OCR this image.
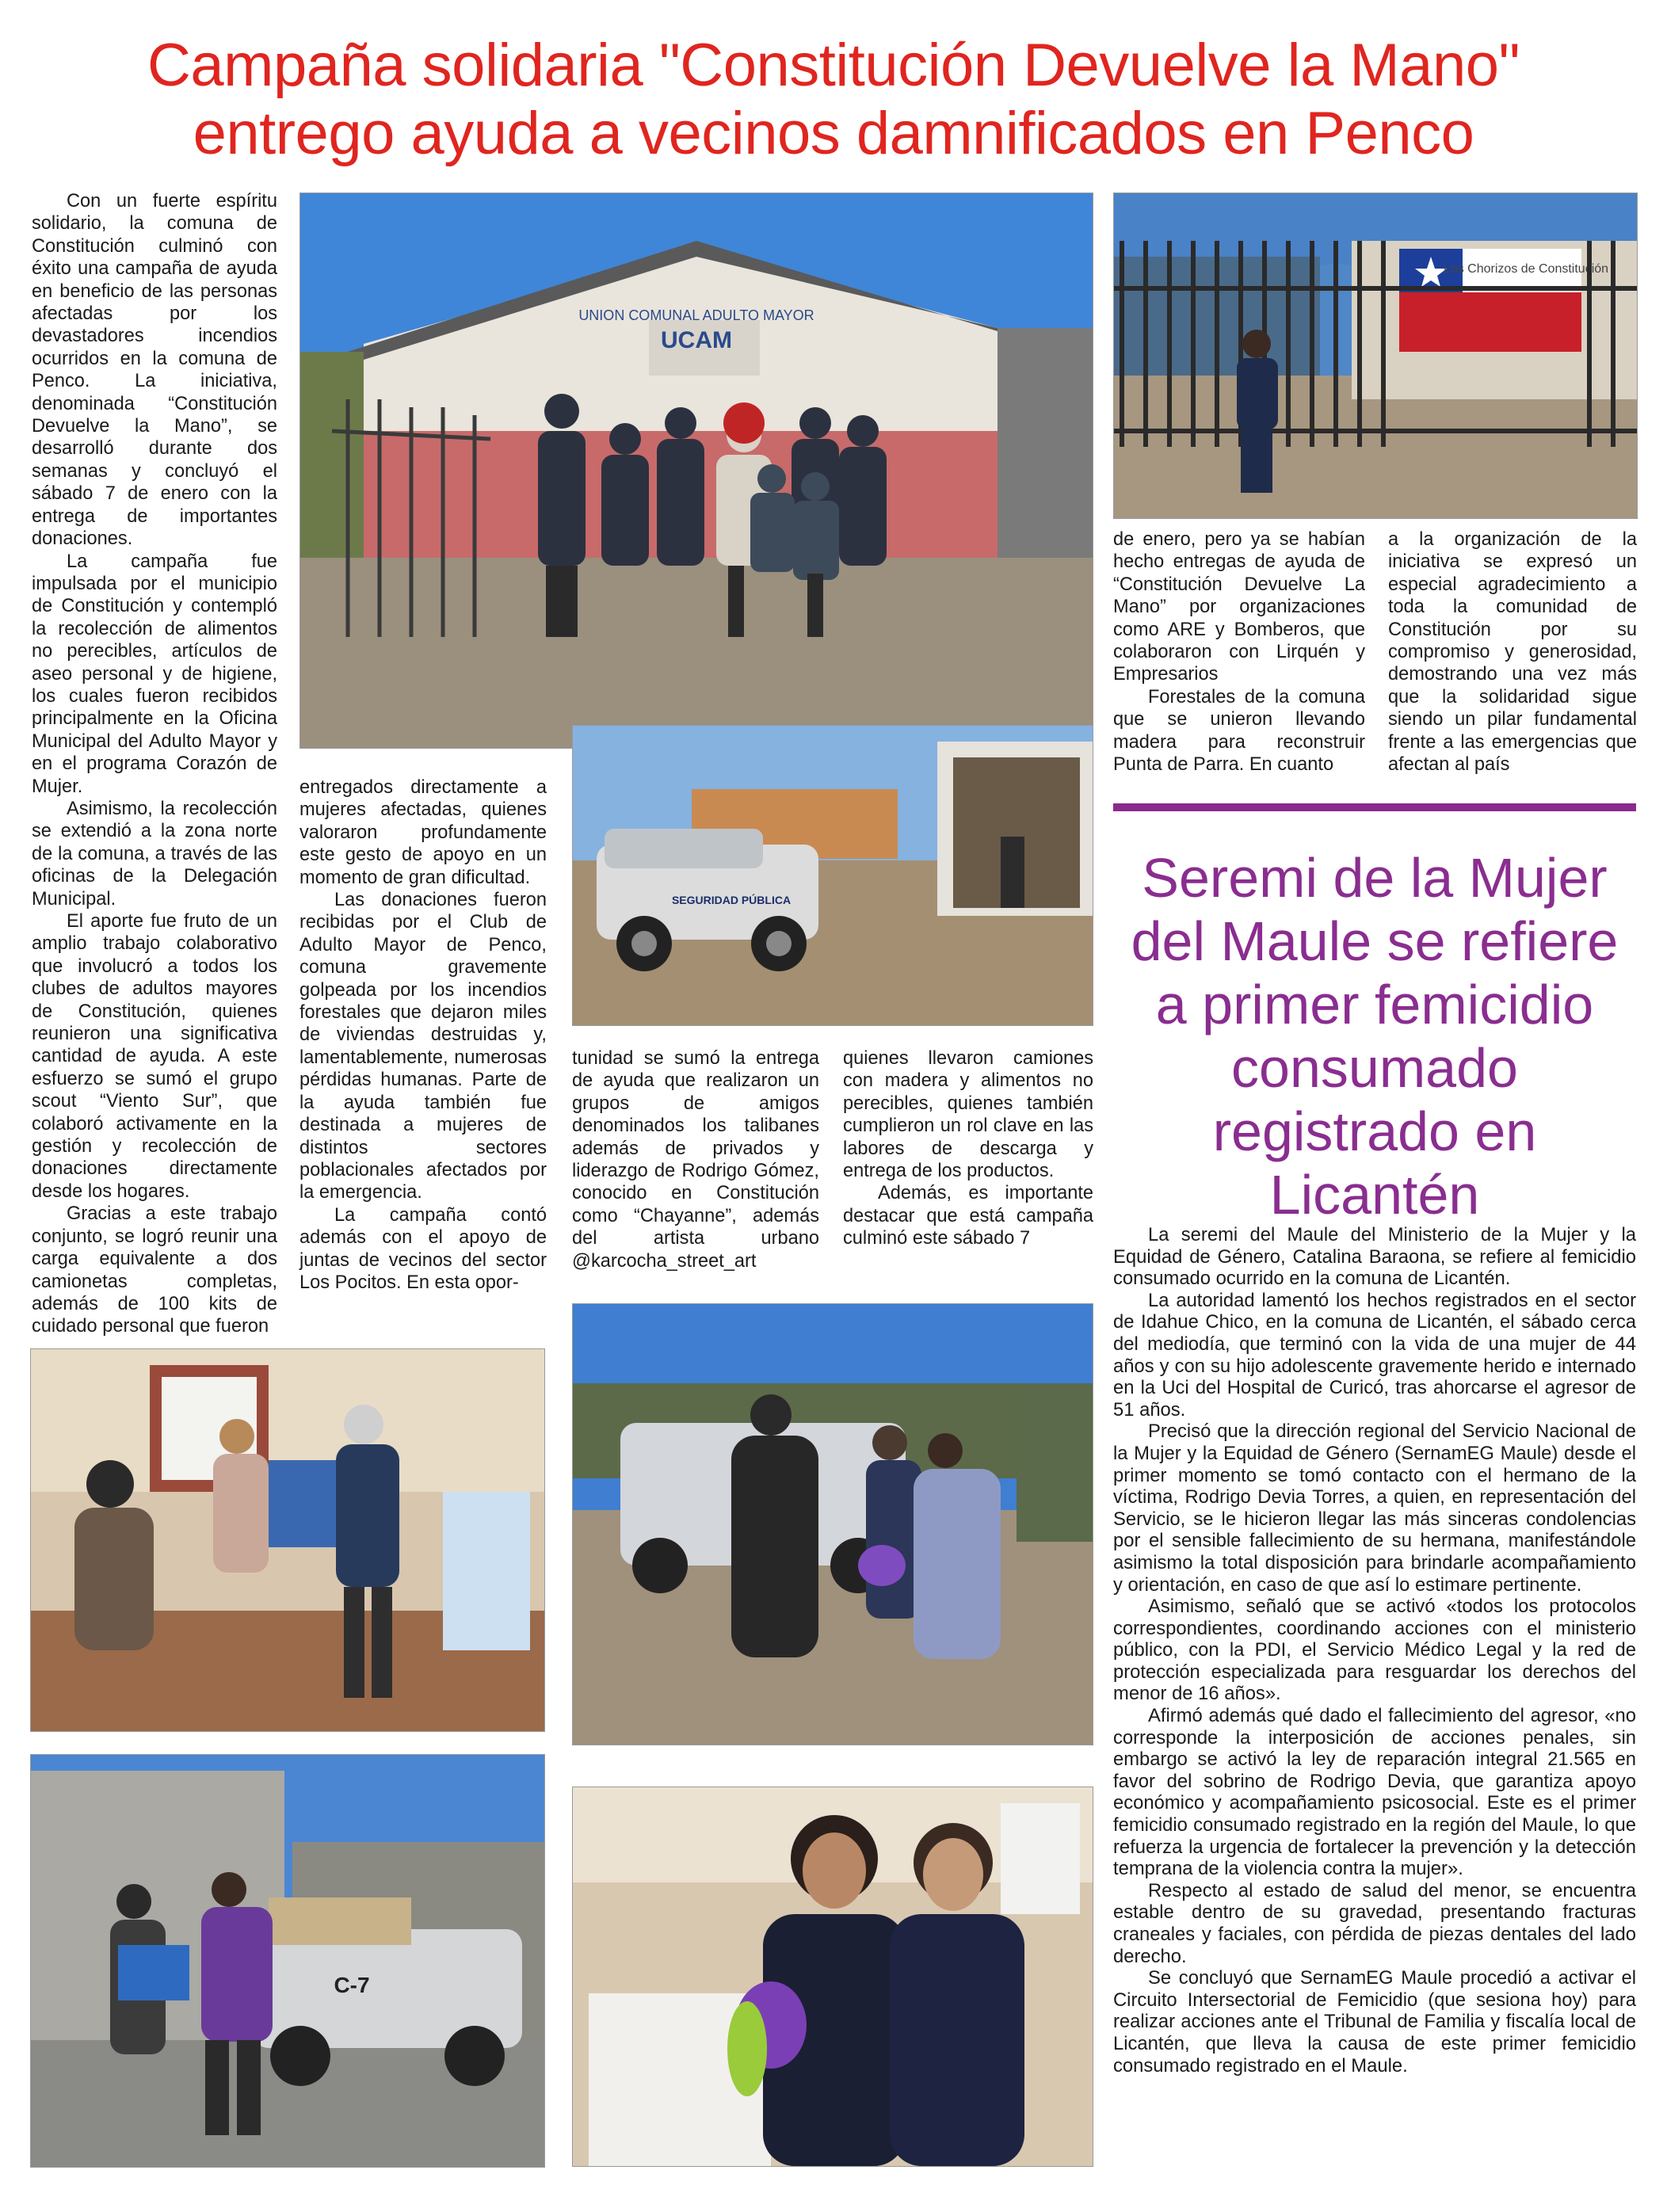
Campaña solidaria "Constitución Devuelve la Mano"
entrego ayuda a vecinos damnificados en Penco

Con un fuerte espíritu solidario, la comuna de Constitución culminó con éxito una campaña de ayuda en beneficio de las personas afectadas por los devastadores incendios ocurridos en la comuna de Penco. La iniciativa, denominada “Constitución Devuelve la Mano”, se desarrolló durante dos semanas y concluyó el sábado 7 de enero con la entrega de importantes donaciones.

La campaña fue impulsada por el municipio de Constitución y contempló la recolección de alimentos no perecibles, artículos de aseo personal y de higiene, los cuales fueron recibidos principalmente en la Oficina Municipal del Adulto Mayor y en el programa Corazón de Mujer.

Asimismo, la recolección se extendió a la zona norte de la comuna, a través de las oficinas de la Delegación Municipal.

El aporte fue fruto de un amplio trabajo colaborativo que involucró a todos los clubes de adultos mayores de Constitución, quienes reunieron una significativa cantidad de ayuda. A este esfuerzo se sumó el grupo scout “Viento Sur”, que colaboró activamente en la gestión y recolección de donaciones directamente desde los hogares.

Gracias a este trabajo conjunto, se logró reunir una carga equivalente a dos camionetas completas, además de 100 kits de cuidado personal que fueron

entregados directamente a mujeres afectadas, quienes valoraron profundamente este gesto de apoyo en un momento de gran dificultad.

Las donaciones fueron recibidas por el Club de Adulto Mayor de Penco, comuna gravemente golpeada por los incendios forestales que dejaron miles de viviendas destruidas y, lamentablemente, numerosas pérdidas humanas. Parte de la ayuda también fue destinada a mujeres de distintos sectores poblacionales afectados por la emergencia.

La campaña contó además con el apoyo de juntas de vecinos del sector Los Pocitos. En esta opor-

tunidad se sumó la entrega de ayuda que realizaron un grupos de amigos denominados los talibanes además de privados y liderazgo de Rodrigo Gómez, conocido en Constitución como “Chayanne”, además del artista urbano @karcocha_street_art

quienes llevaron camiones con madera y alimentos no perecibles, quienes también cumplieron un rol clave en las labores de descarga y entrega de los productos.

Además, es importante destacar que está campaña culminó este sábado 7

de enero, pero ya se habían hecho entregas de ayuda de “Constitución Devuelve La Mano” por organizaciones como ARE y Bomberos, que colaboraron con Lirquén y Empresarios

Forestales de la comuna que se unieron llevando madera para reconstruir Punta de Parra. En cuanto

a la organización de la iniciativa se expresó un especial agradecimiento a toda la comunidad de Constitución por su compromiso y generosidad, demostrando una vez más que la solidaridad sigue siendo un pilar fundamental frente a las emergencias que afectan al país

UNION COMUNAL ADULTO MAYOR
UCAM
Los Chorizos de Constitución
SEGURIDAD PÚBLICA
C-7
Seremi de la Mujer
del Maule se refiere
a primer femicidio
consumado
registrado en
Licantén

La seremi del Maule del Ministerio de la Mujer y la Equidad de Género, Catalina Baraona, se refiere al femicidio consumado ocurrido en la comuna de Licantén.

La autoridad lamentó los hechos registrados en el sector de Idahue Chico, en la comuna de Licantén, el sábado cerca del mediodía, que terminó con la vida de una mujer de 44 años y con su hijo adolescente gravemente herido e internado en la Uci del Hospital de Curicó, tras ahorcarse el agresor de 51 años.

Precisó que la dirección regional del Servicio Nacional de la Mujer y la Equidad de Género (SernamEG Maule) desde el primer momento se tomó contacto con el hermano de la víctima, Rodrigo Devia Torres, a quien, en representación del Servicio, se le hicieron llegar las más sinceras condolencias por el sensible fallecimiento de su hermana, manifestándole asimismo la total disposición para brindarle acompañamiento y orientación, en caso de que así lo estimare pertinente.

Asimismo, señaló que se activó «todos los protocolos correspondientes, coordinando acciones con el ministerio público, con la PDI, el Servicio Médico Legal y la red de protección especializada para resguardar los derechos del menor de 16 años».

Afirmó además qué dado el fallecimiento del agresor, «no corresponde la interposición de acciones penales, sin embargo se activó la ley de reparación integral 21.565 en favor del sobrino de Rodrigo Devia, que garantiza apoyo económico y acompañamiento psicosocial. Este es el primer femicidio consumado registrado en la región del Maule, lo que refuerza la urgencia de fortalecer la prevención y la detección temprana de la violencia contra la mujer».

Respecto al estado de salud del menor, se encuentra estable dentro de su gravedad, presentando fracturas craneales y faciales, con pérdida de piezas dentales del lado derecho.

Se concluyó que SernamEG Maule procedió a activar el Circuito Intersectorial de Femicidio (que sesiona hoy) para realizar acciones ante el Tribunal de Familia y fiscalía local de Licantén, que lleva la causa de este primer femicidio consumado registrado en el Maule.
